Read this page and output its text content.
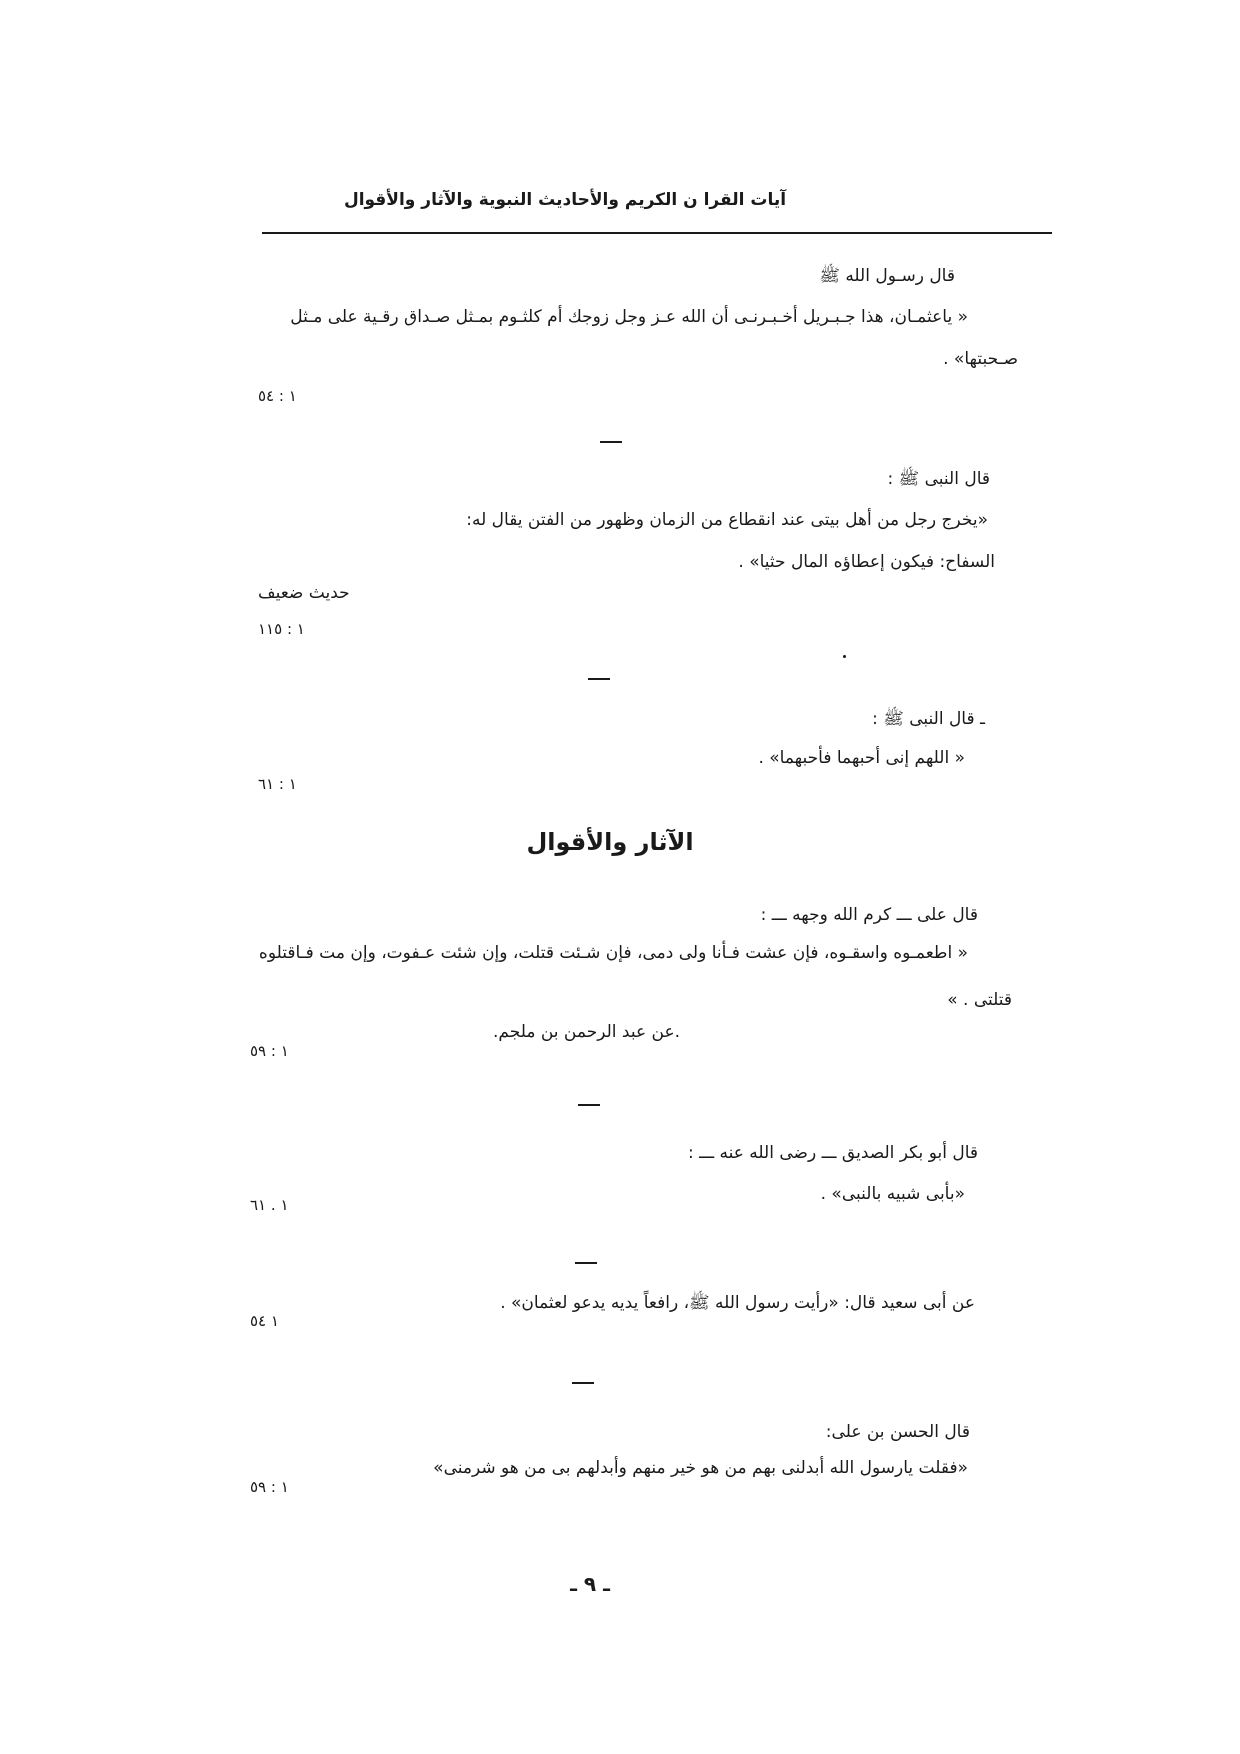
آيات القرا ن الكريم والأحاديث النبوية والآثار والأقوال
قال رسـول الله ﷺ
« ياعثمـان، هذا جـبـريل أخـبـرنـى أن الله عـز وجل زوجك أم كلثـوم بمـثل صـداق رقـية على مـثل
صـحبتها» .
١ : ٥٤
قال النبى ﷺ :
«يخرج رجل من أهل بيتى عند انقطاع من الزمان وظهور من الفتن يقال له:
السفاح: فيكون إعطاؤه المال حثيا» .
حديث ضعيف
١ : ١١٥
ـ قال النبى ﷺ :
« اللهم إنى أحبهما فأحبهما» .
١ : ٦١
الآثار والأقوال
قال على ـــ كرم الله وجهه ـــ :
« اطعمـوه واسقـوه، فإن عشت فـأنا ولى دمى، فإن شـئت قتلت، وإن شئت عـفوت، وإن مت فـاقتلوه
قتلتى . »
.عن عبد الرحمن بن ملجم.
١ : ٥٩
قال أبو بكر الصديق ـــ رضى الله عنه ـــ :
«بأبى شبيه بالنبى» .
١ . ٦١
عن أبى سعيد قال: «رأيت رسول الله ﷺ، رافعاً يديه يدعو لعثمان» .
١ ٥٤
قال الحسن بن على:
«فقلت يارسول الله أبدلنى بهم من هو خير منهم وأبدلهم بى من هو شرمنى»
١ : ٥٩
ـ ٩ ـ
